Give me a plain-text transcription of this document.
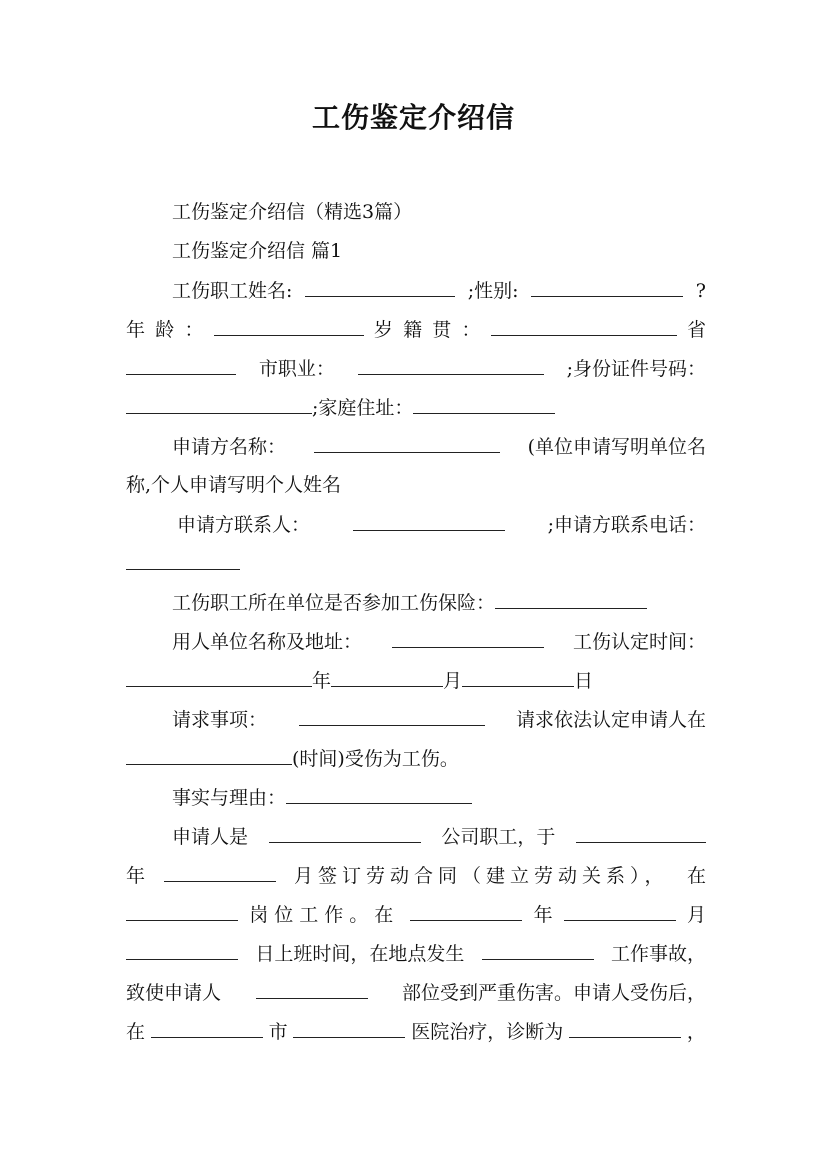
工伤鉴定介绍信
工伤鉴定介绍信（精选3篇）
工伤鉴定介绍信 篇1
工伤职工姓名:	;性别:	?
年 龄 ：	岁 籍 贯 ：	省
市职业：	;身份证件号码：
;家庭住址：
申请方名称：	(单位申请写明单位名
称,个人申请写明个人姓名
申请方联系人：	;申请方联系电话：
工伤职工所在单位是否参加工伤保险：
用人单位名称及地址：	工伤认定时间：
年	月	日
请求事项：	请求依法认定申请人在
(时间)受伤为工伤。
事实与理由：
申请人是	公司职工，于
年	月签订劳动合同（建立劳动关系）， 在
岗位工作。在	年	月
日上班时间，在地点发生	工作事故，
致使申请人	部位受到严重伤害。申请人受伤后，
在	市	医院治疗，诊断为	，
